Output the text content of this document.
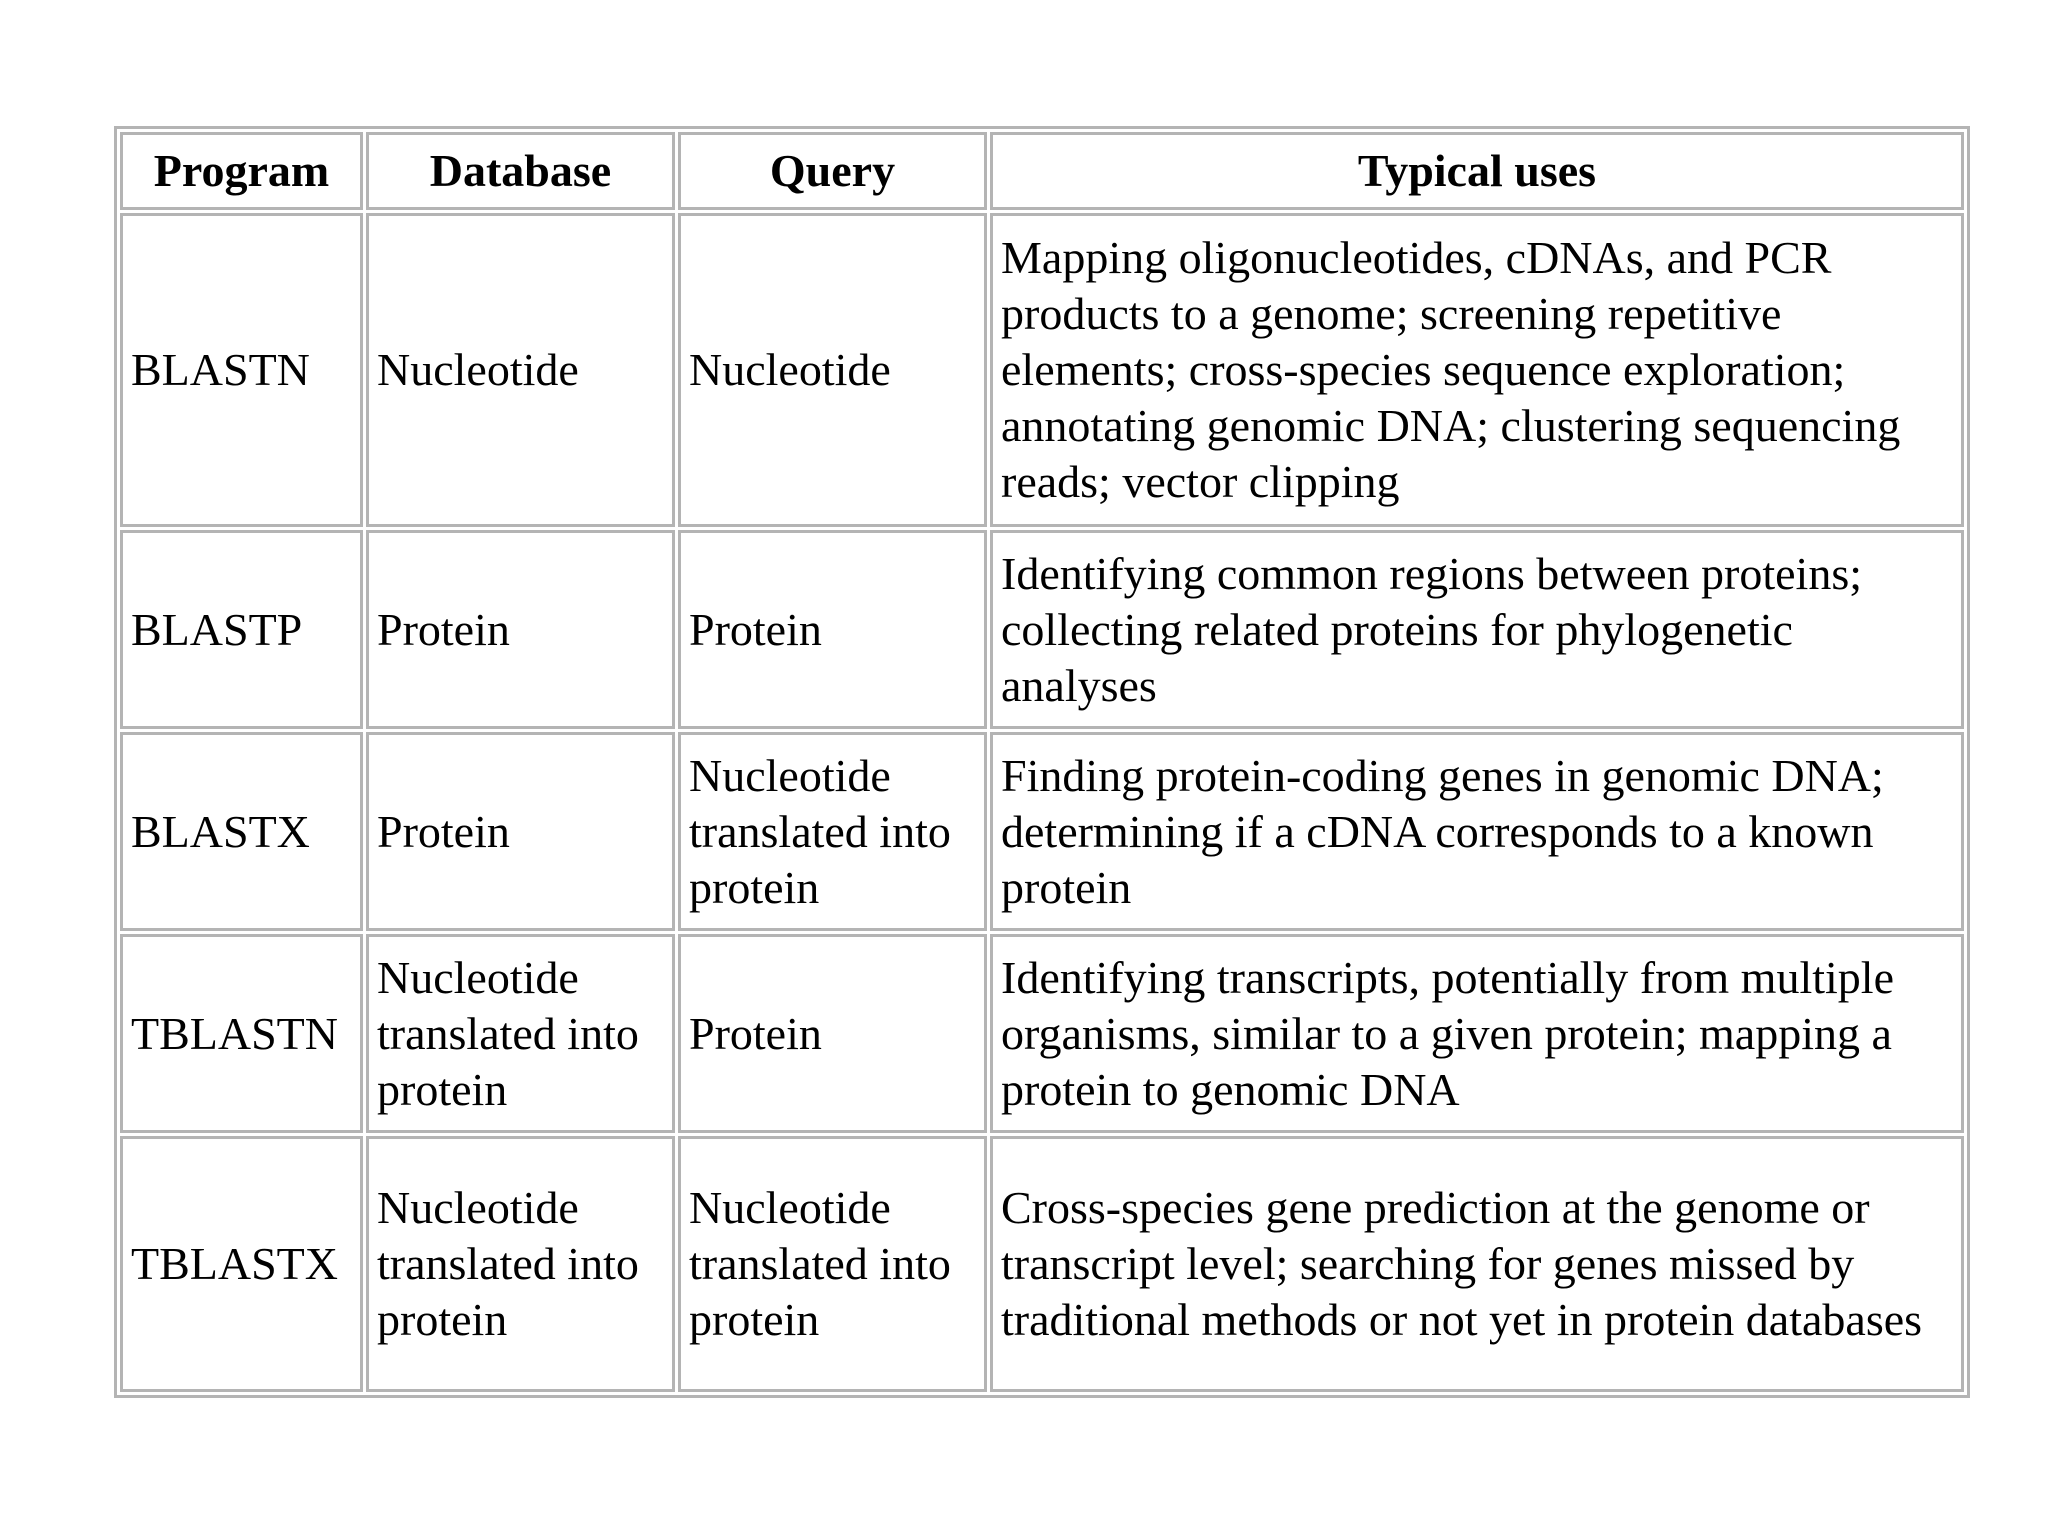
Program	Database	Query	Typical uses
BLASTN	Nucleotide	Nucleotide	Mapping oligonucleotides, cDNAs, and PCR products to a genome; screening repetitive elements; cross-species sequence exploration; annotating genomic DNA; clustering sequencing reads; vector clipping
BLASTP	Protein	Protein	Identifying common regions between proteins; collecting related proteins for phylogenetic analyses
BLASTX	Protein	Nucleotide translated into protein	Finding protein-coding genes in genomic DNA; determining if a cDNA corresponds to a known protein
TBLASTN	Nucleotide translated into protein	Protein	Identifying transcripts, potentially from multiple organisms, similar to a given protein; mapping a protein to genomic DNA
TBLASTX	Nucleotide translated into protein	Nucleotide translated into protein	Cross-species gene prediction at the genome or transcript level; searching for genes missed by traditional methods or not yet in protein databases
